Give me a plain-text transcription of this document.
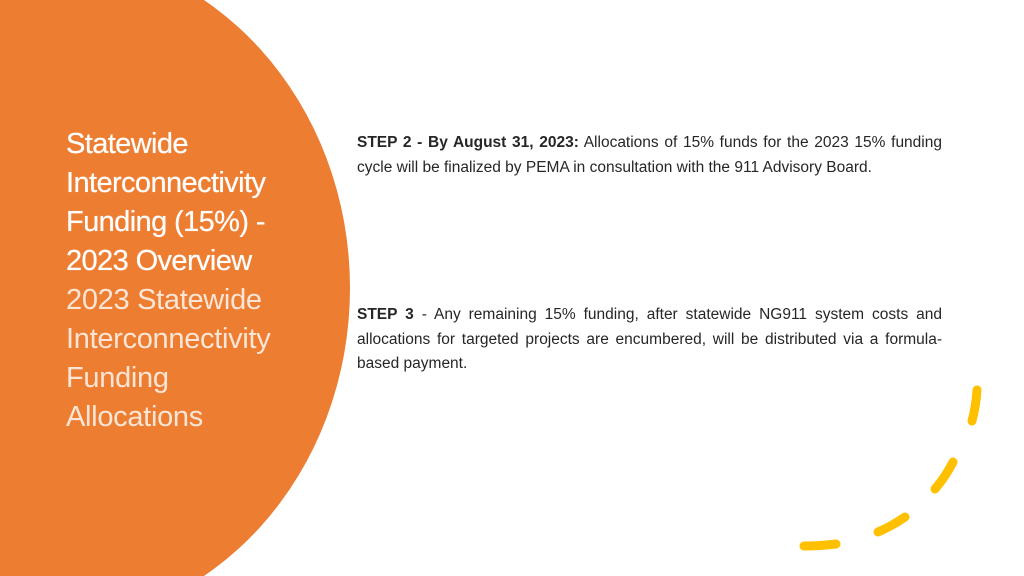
Statewide
Interconnectivity
Funding (15%) -
2023 Overview

2023 Statewide
Interconnectivity
Funding
Allocations

STEP 2 - By August 31, 2023: Allocations of 15% funds for the 2023 15% funding cycle will be finalized by PEMA in consultation with the 911 Advisory Board.

STEP 3 - Any remaining 15% funding, after statewide NG911 system costs and allocations for targeted projects are encumbered, will be distributed via a formula-based payment.
